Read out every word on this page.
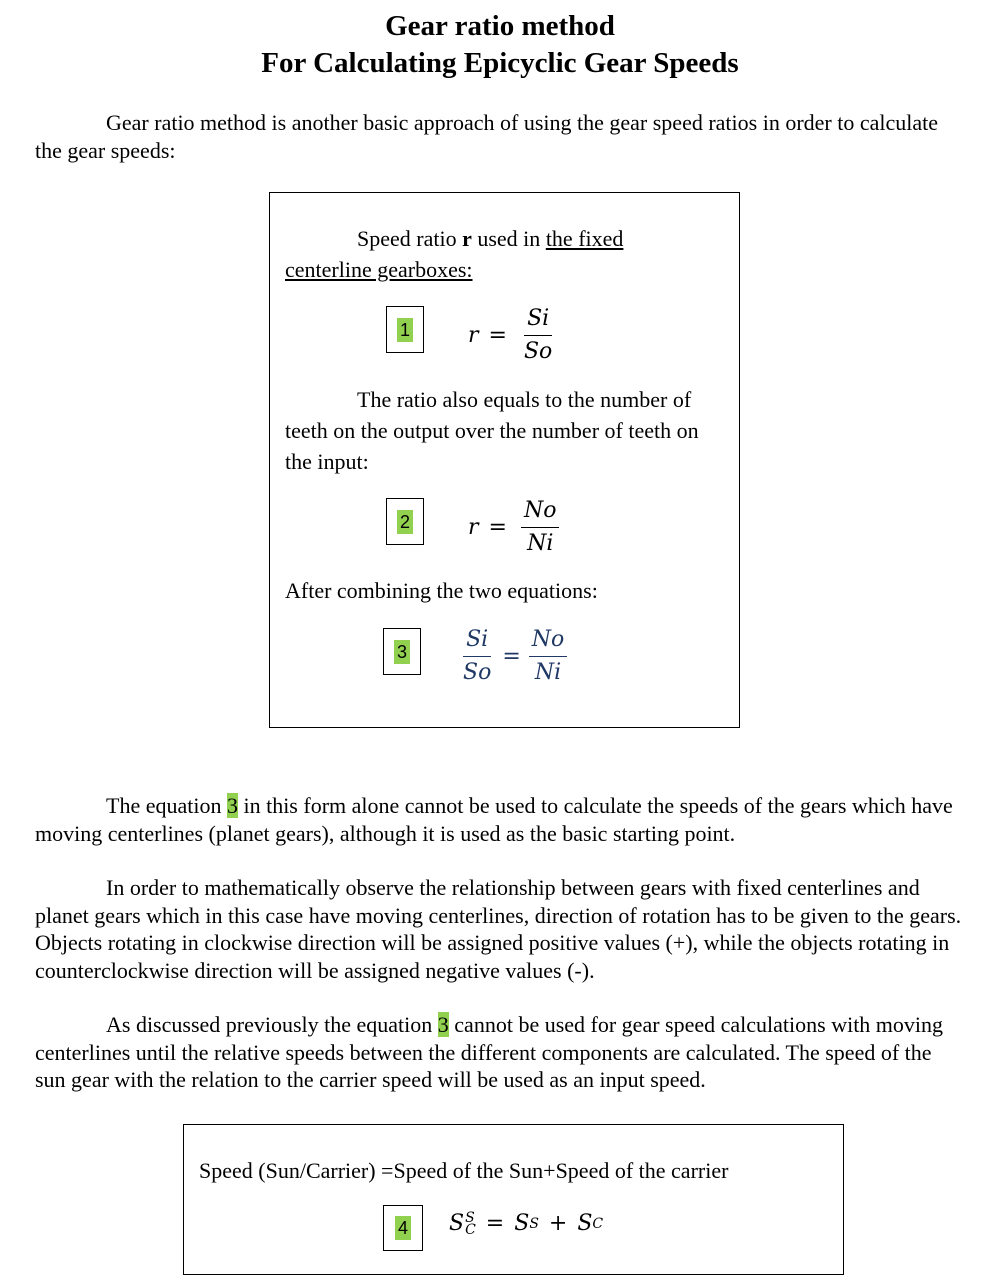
Gear ratio method
For Calculating Epicyclic Gear Speeds

Gear ratio method is another basic approach of using the gear speed ratios in order to calculate the gear speeds:

Speed ratio r used in the fixed
centerline gearboxes:

1	$r = \frac{Si}{So}$

The ratio also equals to the number of teeth on the output over the number of teeth on the input:

2	$r = \frac{No}{Ni}$

After combining the two equations:

$3 \frac{Si}{So} = \frac{No}{Ni}$

The equation 3 in this form alone cannot be used to calculate the speeds of the gears which have moving centerlines (planet gears), although it is used as the basic starting point.

In order to mathematically observe the relationship between gears with fixed centerlines and planet gears which in this case have moving centerlines, direction of rotation has to be given to the gears. Objects rotating in clockwise direction will be assigned positive values (+), while the objects rotating in counterclockwise direction will be assigned negative values (-).

As discussed previously the equation 3 cannot be used for gear speed calculations with moving centerlines until the relative speeds between the different components are calculated. The speed of the sun gear with the relation to the carrier speed will be used as an input speed.

Speed (Sun/Carrier) =Speed of the Sun+Speed of the carrier

4 S S
C = S S + S C
